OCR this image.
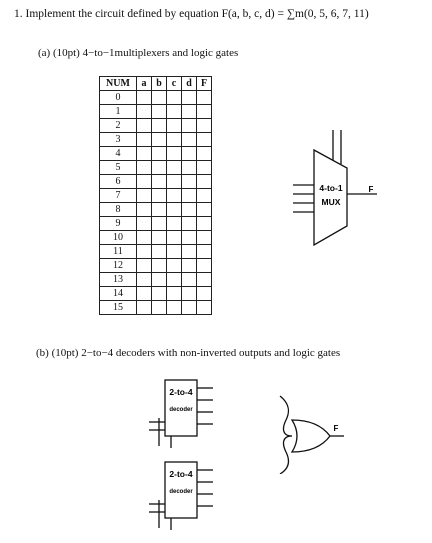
1. Implement the circuit defined by equation F(a, b, c, d) = ∑m(0, 5, 6, 7, 11)
(a) (10pt) 4−to−1multiplexers and logic gates
NUM	a	b	c	d	F
0					
1					
2					
3					
4					
5					
6					
7					
8					
9					
10					
11					
12					
13					
14					
15					
4-to-1
MUX
F
(b) (10pt) 2−to−4 decoders with non-inverted outputs and logic gates
2-to-4
decoder
2-to-4
decoder
F
